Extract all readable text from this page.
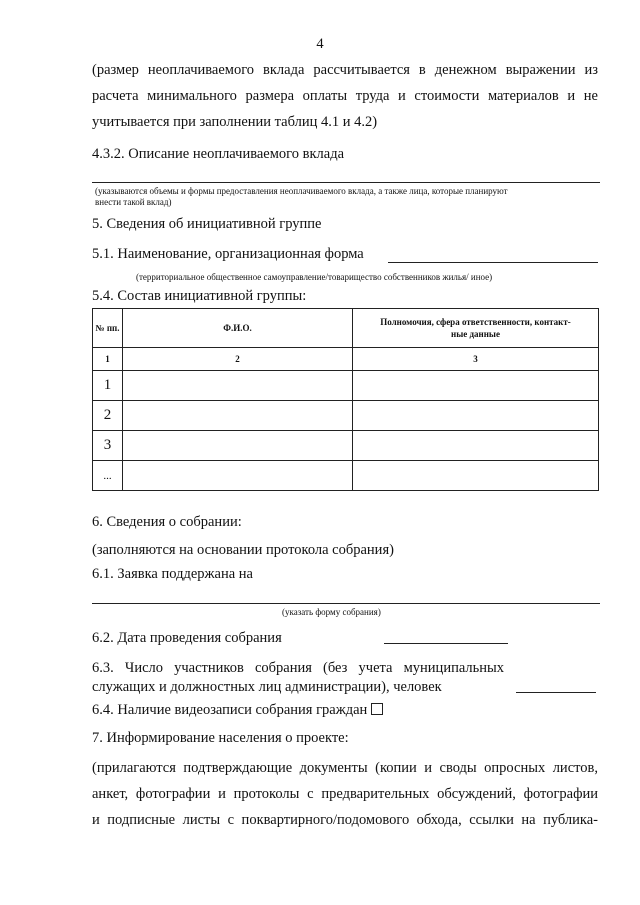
4
(размер неоплачиваемого вклада рассчитывается в денежном выражении из
расчета минимального размера оплаты труда и стоимости материалов и не
учитывается при заполнении таблиц 4.1 и 4.2)
4.3.2. Описание неоплачиваемого вклада
(указываются объемы и формы предоставления неоплачиваемого вклада, а также лица, которые планируют
внести такой вклад)
5. Сведения об инициативной группе
5.1. Наименование, организационная форма
(территориальное общественное самоуправление/товарищество собственников жилья/ иное)
5.4. Состав инициативной группы:
№ пп.	Ф.И.О.	Полномочия, сфера ответственности, контакт-ные данные
1	2	3
1		
2		
3		
...		
6. Сведения о собрании:
(заполняются на основании протокола собрания)
6.1. Заявка поддержана на
(указать форму собрания)
6.2. Дата проведения собрания
6.3. Число участников собрания (без учета муниципальных
служащих и должностных лиц администрации), человек
6.4. Наличие видеозаписи собрания граждан
7. Информирование населения о проекте:
(прилагаются подтверждающие документы (копии и своды опросных листов,
анкет, фотографии и протоколы с предварительных обсуждений, фотографии
и подписные листы с поквартирного/подомового обхода, ссылки на публика-
